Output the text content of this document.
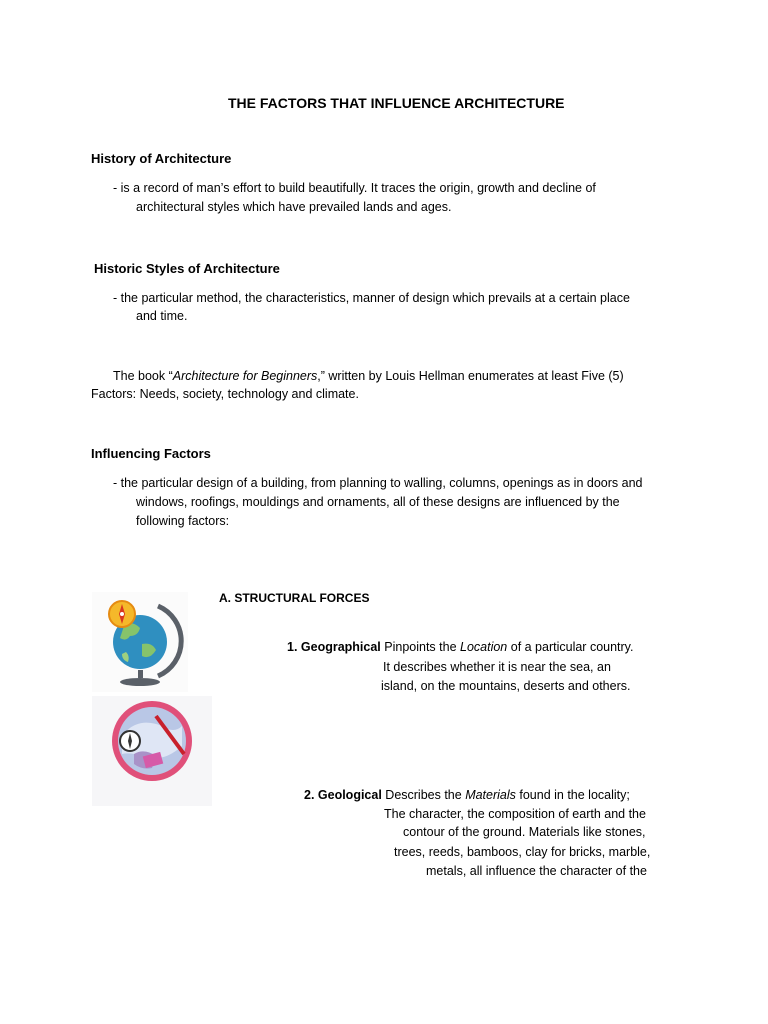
THE FACTORS THAT INFLUENCE ARCHITECTURE
History of Architecture
- is a record of man’s effort to build beautifully. It traces the origin, growth and decline of
architectural styles which have prevailed lands and ages.
Historic Styles of Architecture
- the particular method, the characteristics, manner of design which prevails at a certain place
and time.
The book “Architecture for Beginners,” written by Louis Hellman enumerates at least Five (5)
Factors: Needs, society, technology and climate.
Influencing Factors
- the particular design of a building, from planning to walling, columns, openings as in doors and
windows, roofings, mouldings and ornaments, all of these designs are influenced by the
following factors:
A. STRUCTURAL FORCES
1. Geographical Pinpoints the Location of a particular country.
It describes whether it is near the sea, an
island, on the mountains, deserts and others.
2. Geological Describes the Materials found in the locality;
The character, the composition of earth and the
contour of the ground. Materials like stones,
trees, reeds, bamboos, clay for bricks, marble,
metals, all influence the character of the
